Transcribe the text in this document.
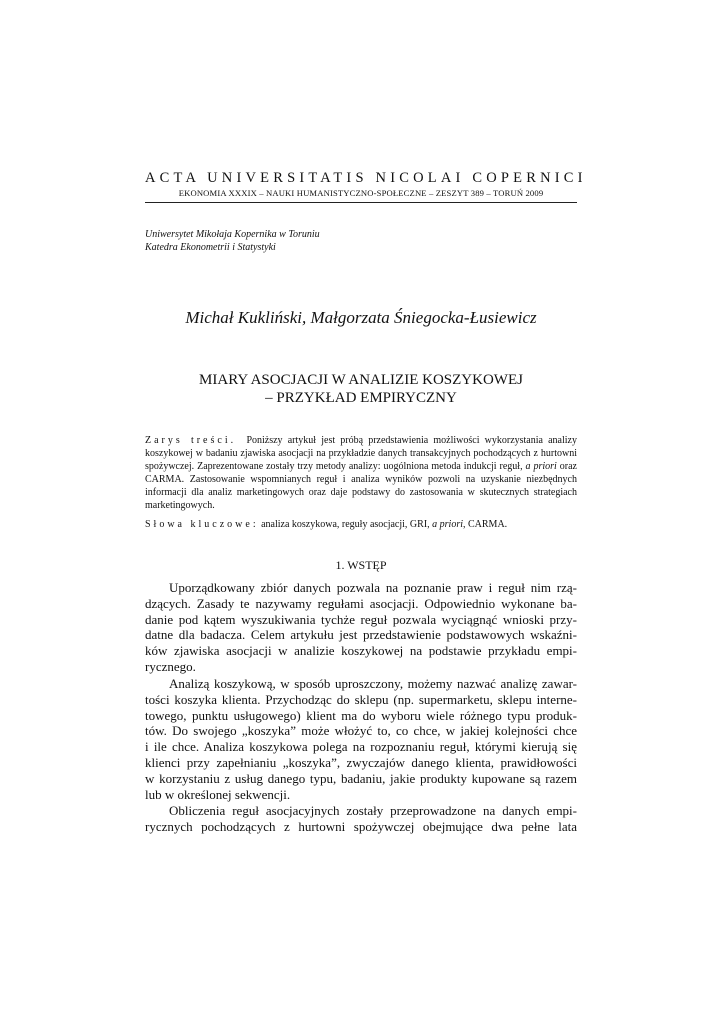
ACTA UNIVERSITATIS NICOLAI COPERNICI
EKONOMIA XXXIX – NAUKI HUMANISTYCZNO-SPOŁECZNE – ZESZYT 389 – TORUŃ 2009
Uniwersytet Mikołaja Kopernika w Toruniu
Katedra Ekonometrii i Statystyki
Michał Kukliński, Małgorzata Śniegocka-Łusiewicz
MIARY ASOCJACJI W ANALIZIE KOSZYKOWEJ
– PRZYKŁAD EMPIRYCZNY
Zarys treści. Poniższy artykuł jest próbą przedstawienia możliwości wykorzystania analizy koszykowej w badaniu zjawiska asocjacji na przykładzie danych transakcyjnych pochodzących z hurtowni spożywczej. Zaprezentowane zostały trzy metody analizy: uogólniona metoda indukcji reguł, a priori oraz CARMA. Zastosowanie wspomnianych reguł i analiza wyników pozwoli na uzyskanie niezbędnych informacji dla analiz marketingowych oraz daje podstawy do zastosowania w skutecznych strategiach marketingowych.
Słowa kluczowe: analiza koszykowa, reguły asocjacji, GRI, a priori, CARMA.
1. WSTĘP
Uporządkowany zbiór danych pozwala na poznanie praw i reguł nim rzą-
dzących. Zasady te nazywamy regułami asocjacji. Odpowiednio wykonane ba-
danie pod kątem wyszukiwania tychże reguł pozwala wyciągnąć wnioski przy-
datne dla badacza. Celem artykułu jest przedstawienie podstawowych wskaźni-
ków zjawiska asocjacji w analizie koszykowej na podstawie przykładu empi-
rycznego.
Analizą koszykową, w sposób uproszczony, możemy nazwać analizę zawar-
tości koszyka klienta. Przychodząc do sklepu (np. supermarketu, sklepu interne-
towego, punktu usługowego) klient ma do wyboru wiele różnego typu produk-
tów. Do swojego „koszyka” może włożyć to, co chce, w jakiej kolejności chce
i ile chce. Analiza koszykowa polega na rozpoznaniu reguł, którymi kierują się
klienci przy zapełnianiu „koszyka”, zwyczajów danego klienta, prawidłowości
w korzystaniu z usług danego typu, badaniu, jakie produkty kupowane są razem
lub w określonej sekwencji.
Obliczenia reguł asocjacyjnych zostały przeprowadzone na danych empi-
rycznych pochodzących z hurtowni spożywczej obejmujące dwa pełne lata
